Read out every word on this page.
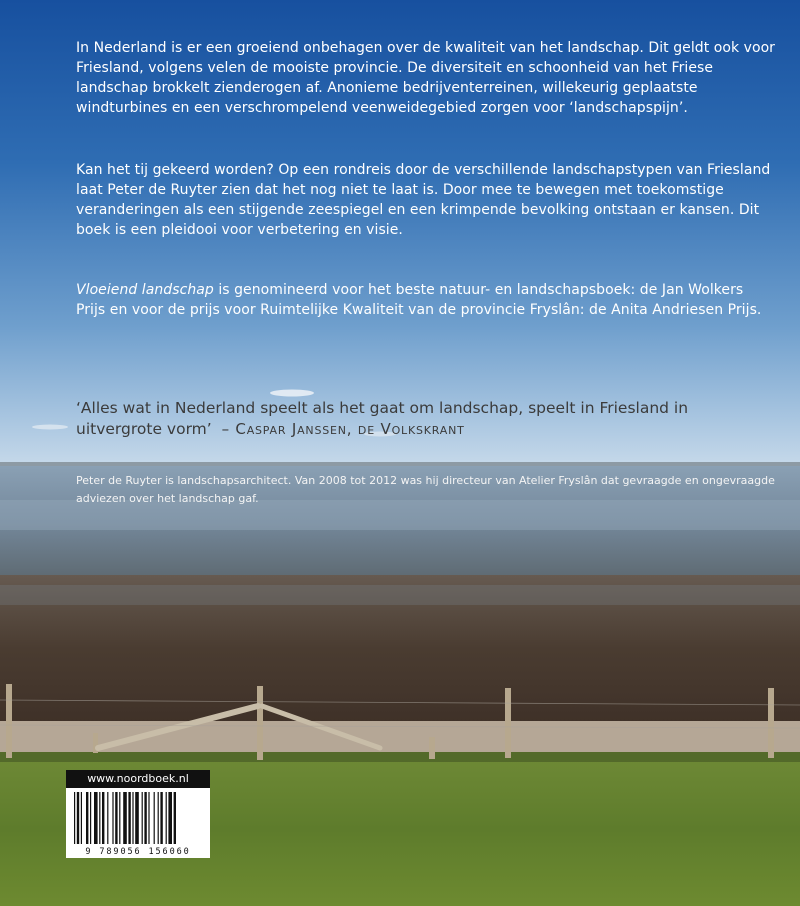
In Nederland is er een groeiend onbehagen over de kwaliteit van het landschap. Dit geldt ook voor Friesland, volgens velen de mooiste provincie. De diversiteit en schoonheid van het Friese landschap brokkelt zienderogen af. Anonieme bedrijventerreinen, willekeurig geplaatste windturbines en een verschrompelend veenweidegebied zorgen voor ‘landschapspijn’.

Kan het tij gekeerd worden? Op een rondreis door de verschillende landschapstypen van Friesland laat Peter de Ruyter zien dat het nog niet te laat is. Door mee te bewegen met toekomstige veranderingen als een stijgende zeespiegel en een krimpende bevolking ontstaan er kansen. Dit boek is een pleidooi voor verbetering en visie.

Vloeiend landschap is genomineerd voor het beste natuur- en landschapsboek: de Jan Wolkers Prijs en voor de prijs voor Ruimtelijke Kwaliteit van de provincie Fryslân: de Anita Andriesen Prijs.

‘Alles wat in Nederland speelt als het gaat om landschap, speelt in Friesland in uitvergrote vorm’ – Caspar Janssen, de Volkskrant
Peter de Ruyter is landschapsarchitect. Van 2008 tot 2012 was hij directeur van Atelier Fryslân dat gevraagde en ongevraagde adviezen over het landschap gaf.
www.noordboek.nl
9 789056 156060
